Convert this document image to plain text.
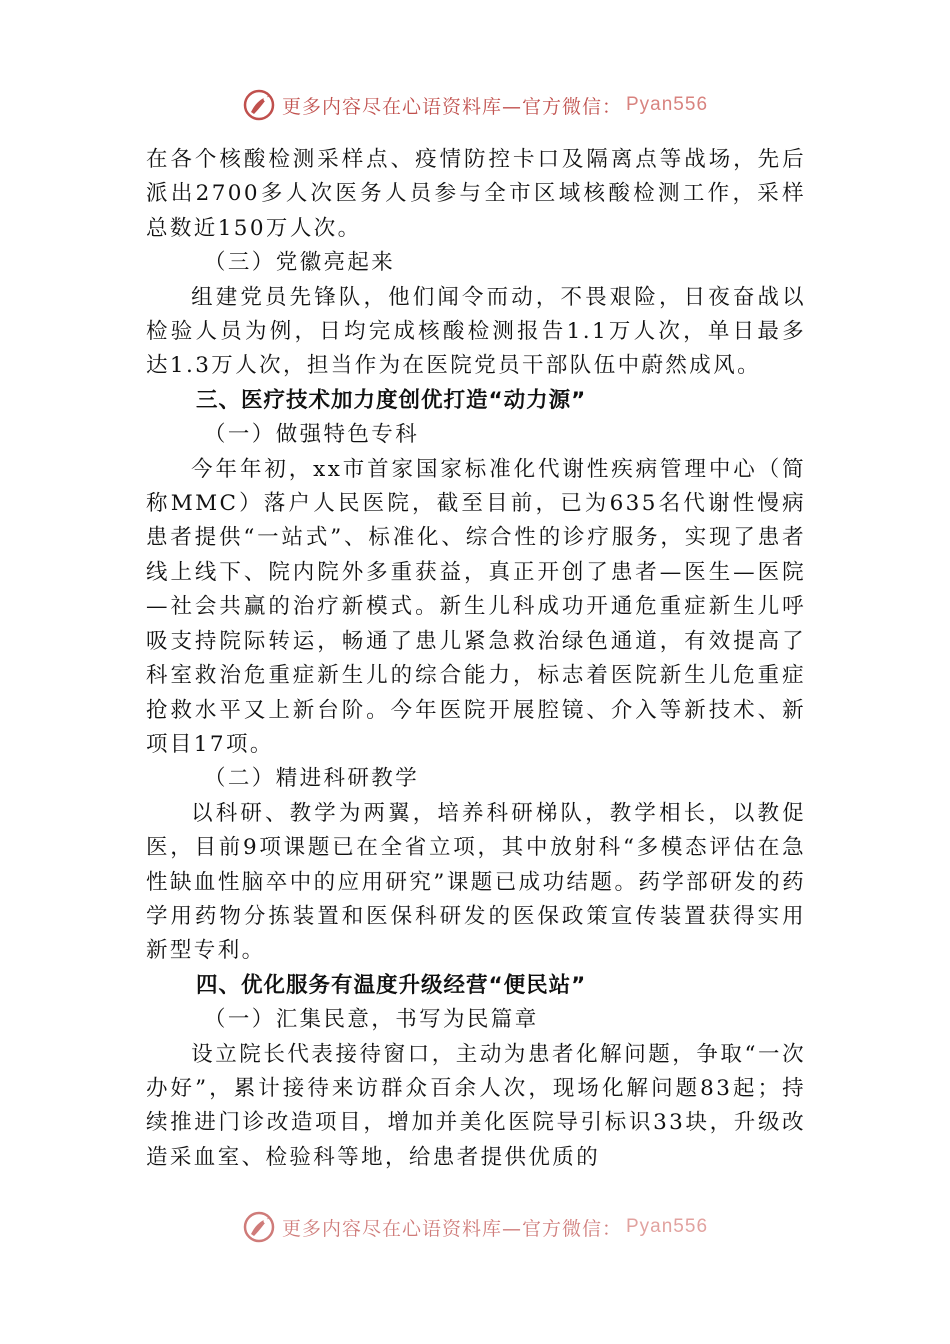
更多内容尽在心语资料库—官方微信： Pyan556

在各个核酸检测采样点、疫情防控卡口及隔离点等战场，先后派出2700多人次医务人员参与全市区域核酸检测工作，采样总数近150万人次。

（三）党徽亮起来

组建党员先锋队，他们闻令而动，不畏艰险，日夜奋战以检验人员为例，日均完成核酸检测报告1.1万人次，单日最多达1.3万人次，担当作为在医院党员干部队伍中蔚然成风。

三、医疗技术加力度创优打造“动力源”

（一）做强特色专科

今年年初，xx市首家国家标准化代谢性疾病管理中心（简称MMC）落户人民医院，截至目前，已为635名代谢性慢病患者提供“一站式”、标准化、综合性的诊疗服务，实现了患者线上线下、院内院外多重获益，真正开创了患者—医生—医院—社会共赢的治疗新模式。新生儿科成功开通危重症新生儿呼吸支持院际转运，畅通了患儿紧急救治绿色通道，有效提高了科室救治危重症新生儿的综合能力，标志着医院新生儿危重症抢救水平又上新台阶。今年医院开展腔镜、介入等新技术、新项目17项。

（二）精进科研教学

以科研、教学为两翼，培养科研梯队，教学相长，以教促医，目前9项课题已在全省立项，其中放射科“多模态评估在急性缺血性脑卒中的应用研究”课题已成功结题。药学部研发的药学用药物分拣装置和医保科研发的医保政策宣传装置获得实用新型专利。

四、优化服务有温度升级经营“便民站”

（一）汇集民意，书写为民篇章

设立院长代表接待窗口，主动为患者化解问题，争取“一次办好”，累计接待来访群众百余人次，现场化解问题83起；持续推进门诊改造项目，增加并美化医院导引标识33块，升级改造采血室、检验科等地，给患者提供优质的

更多内容尽在心语资料库—官方微信： Pyan556
